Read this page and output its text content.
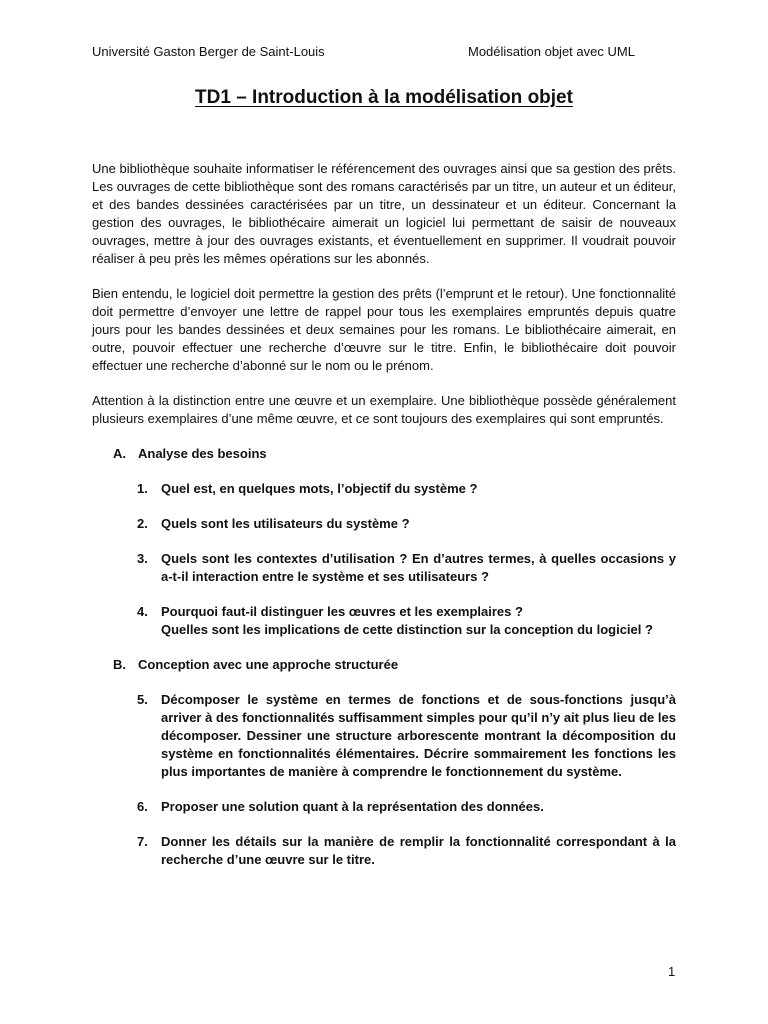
Université Gaston Berger de Saint-Louis	Modélisation objet avec UML
TD1 – Introduction à la modélisation objet

Une bibliothèque souhaite informatiser le référencement des ouvrages ainsi que sa gestion des prêts. Les ouvrages de cette bibliothèque sont des romans caractérisés par un titre, un auteur et un éditeur, et des bandes dessinées caractérisées par un titre, un dessinateur et un éditeur. Concernant la gestion des ouvrages, le bibliothécaire aimerait un logiciel lui permettant de saisir de nouveaux ouvrages, mettre à jour des ouvrages existants, et éventuellement en supprimer. Il voudrait pouvoir réaliser à peu près les mêmes opérations sur les abonnés.

Bien entendu, le logiciel doit permettre la gestion des prêts (l’emprunt et le retour). Une fonctionnalité doit permettre d’envoyer une lettre de rappel pour tous les exemplaires empruntés depuis quatre jours pour les bandes dessinées et deux semaines pour les romans. Le bibliothécaire aimerait, en outre, pouvoir effectuer une recherche d’œuvre sur le titre. Enfin, le bibliothécaire doit pouvoir effectuer une recherche d’abonné sur le nom ou le prénom.

Attention à la distinction entre une œuvre et un exemplaire. Une bibliothèque possède généralement plusieurs exemplaires d’une même œuvre, et ce sont toujours des exemplaires qui sont empruntés.

A. Analyse des besoins
1.	Quel est, en quelques mots, l’objectif du système ?
2.	Quels sont les utilisateurs du système ?
3.	Quels sont les contextes d’utilisation ? En d’autres termes, à quelles occasions y a-t-il interaction entre le système et ses utilisateurs ?
4.	Pourquoi faut-il distinguer les œuvres et les exemplaires ?
Quelles sont les implications de cette distinction sur la conception du logiciel ?
B. Conception avec une approche structurée
5.	Décomposer le système en termes de fonctions et de sous-fonctions jusqu’à arriver à des fonctionnalités suffisamment simples pour qu’il n’y ait plus lieu de les décomposer. Dessiner une structure arborescente montrant la décomposition du système en fonctionnalités élémentaires. Décrire sommairement les fonctions les plus importantes de manière à comprendre le fonctionnement du système.
6.	Proposer une solution quant à la représentation des données.
7.	Donner les détails sur la manière de remplir la fonctionnalité correspondant à la recherche d’une œuvre sur le titre.
1
